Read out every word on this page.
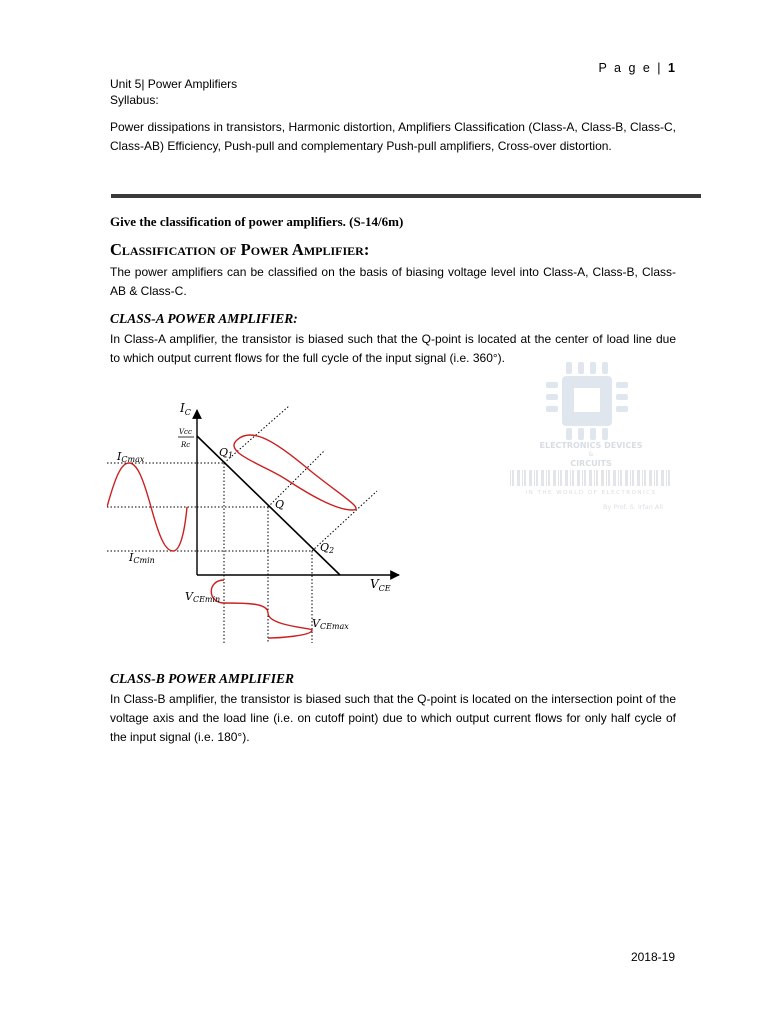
P a g e | 1
Unit 5| Power Amplifiers
Syllabus:
Power dissipations in transistors, Harmonic distortion, Amplifiers Classification (Class-A, Class-B, Class-C, Class-AB) Efficiency, Push-pull and complementary Push-pull amplifiers, Cross-over distortion.
Give the classification of power amplifiers. (S-14/6m)
Classification of Power Amplifier:
The power amplifiers can be classified on the basis of biasing voltage level into Class-A, Class-B, Class-AB & Class-C.
CLASS-A POWER AMPLIFIER:
In Class-A amplifier, the transistor is biased such that the Q-point is located at the center of load line due to which output current flows for the full cycle of the input signal (i.e. 360°).
ELECTRONICS DEVICES
&
CIRCUITS
IN THE WORLD OF ELECTRONICS
By Prof. S. Irfan Ali
$I_C$
Vcc
Rc
ICmax
ICmin
Q1
Q
Q2
$V_{CE}$
VCEmin
VCEmax
CLASS-B POWER AMPLIFIER
In Class-B amplifier, the transistor is biased such that the Q-point is located on the intersection point of the voltage axis and the load line (i.e. on cutoff point) due to which output current flows for only half cycle of the input signal (i.e. 180°).
2018-19
